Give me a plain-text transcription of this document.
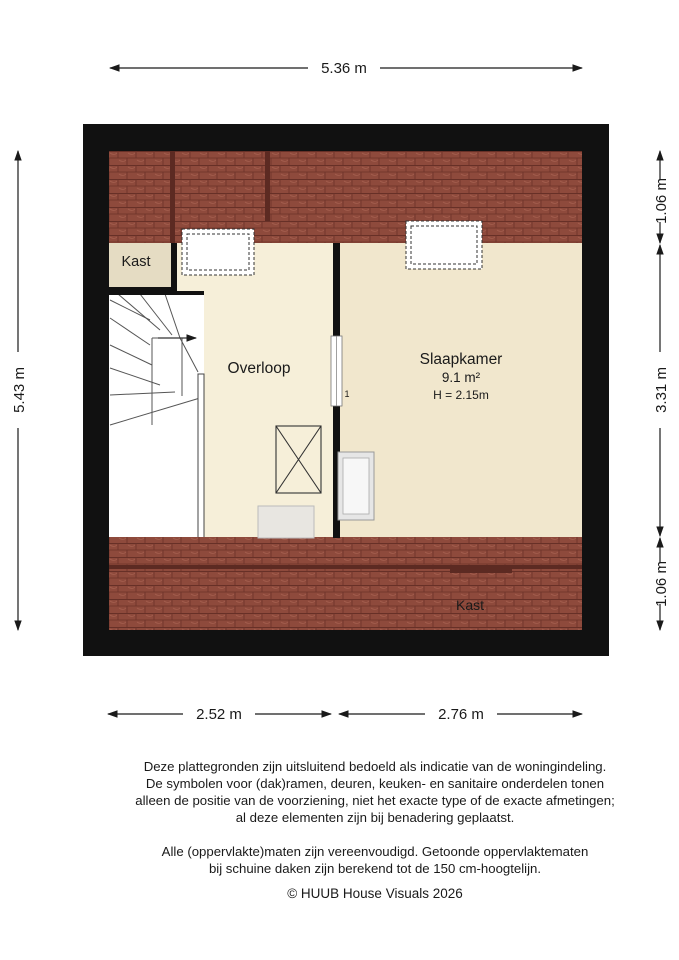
Kast
Overloop
Slaapkamer
9.1 m²
H = 2.15m
1
Kast
5.36 m
5.43 m
1.06 m
3.31 m
1.06 m
2.52 m	2.76 m

Deze plattegronden zijn uitsluitend bedoeld als indicatie van de woningindeling.

De symbolen voor (dak)ramen, deuren, keuken- en sanitaire onderdelen tonen

alleen de positie van de voorziening, niet het exacte type of de exacte afmetingen;

al deze elementen zijn bij benadering geplaatst.

Alle (oppervlakte)maten zijn vereenvoudigd. Getoonde oppervlaktematen

bij schuine daken zijn berekend tot de 150 cm-hoogtelijn.

© HUUB House Visuals 2026
